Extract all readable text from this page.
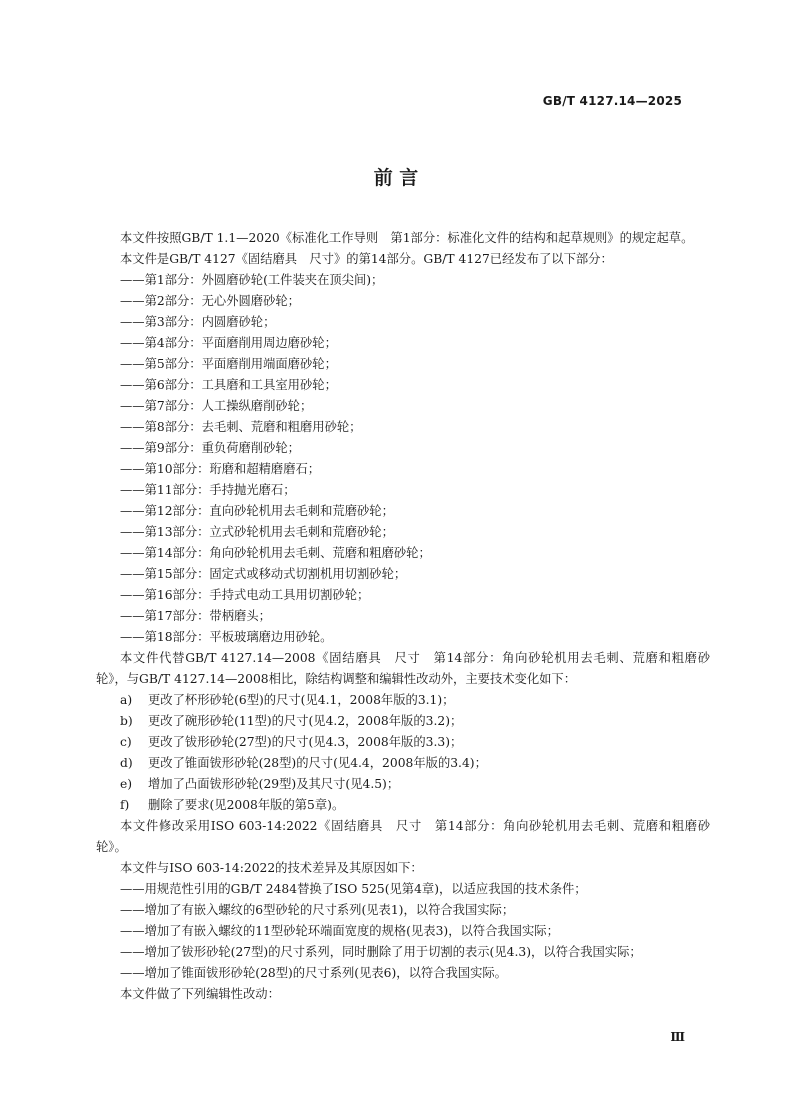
GB/T 4127.14—2025
前 言

本文件按照GB/T 1.1—2020《标准化工作导则　第1部分：标准化文件的结构和起草规则》的规定起草。

本文件是GB/T 4127《固结磨具　尺寸》的第14部分。GB/T 4127已经发布了以下部分：

—— 第1部分：外圆磨砂轮(工件装夹在顶尖间)；
—— 第2部分：无心外圆磨砂轮；
—— 第3部分：内圆磨砂轮；
—— 第4部分：平面磨削用周边磨砂轮；
—— 第5部分：平面磨削用端面磨砂轮；
—— 第6部分：工具磨和工具室用砂轮；
—— 第7部分：人工操纵磨削砂轮；
—— 第8部分：去毛刺、荒磨和粗磨用砂轮；
—— 第9部分：重负荷磨削砂轮；
—— 第10部分：珩磨和超精磨磨石；
—— 第11部分：手持抛光磨石；
—— 第12部分：直向砂轮机用去毛刺和荒磨砂轮；
—— 第13部分：立式砂轮机用去毛刺和荒磨砂轮；
—— 第14部分：角向砂轮机用去毛刺、荒磨和粗磨砂轮；
—— 第15部分：固定式或移动式切割机用切割砂轮；
—— 第16部分：手持式电动工具用切割砂轮；
—— 第17部分：带柄磨头；
—— 第18部分：平板玻璃磨边用砂轮。

本文件代替GB/T 4127.14—2008《固结磨具　尺寸　第14部分：角向砂轮机用去毛刺、荒磨和粗磨砂轮》，与GB/T 4127.14—2008相比，除结构调整和编辑性改动外，主要技术变化如下：

a) 更改了杯形砂轮(6型)的尺寸(见4.1，2008年版的3.1)；
b) 更改了碗形砂轮(11型)的尺寸(见4.2，2008年版的3.2)；
c) 更改了钹形砂轮(27型)的尺寸(见4.3，2008年版的3.3)；
d) 更改了锥面钹形砂轮(28型)的尺寸(见4.4，2008年版的3.4)；
e) 增加了凸面钹形砂轮(29型)及其尺寸(见4.5)；
f) 删除了要求(见2008年版的第5章)。

本文件修改采用ISO 603-14:2022《固结磨具　尺寸　第14部分：角向砂轮机用去毛刺、荒磨和粗磨砂轮》。

本文件与ISO 603-14:2022的技术差异及其原因如下：

—— 用规范性引用的GB/T 2484替换了ISO 525(见第4章)，以适应我国的技术条件；
—— 增加了有嵌入螺纹的6型砂轮的尺寸系列(见表1)，以符合我国实际；
—— 增加了有嵌入螺纹的11型砂轮环端面宽度的规格(见表3)，以符合我国实际；
—— 增加了钹形砂轮(27型)的尺寸系列，同时删除了用于切割的表示(见4.3)，以符合我国实际；
—— 增加了锥面钹形砂轮(28型)的尺寸系列(见表6)，以符合我国实际。

本文件做了下列编辑性改动：

Ⅲ
